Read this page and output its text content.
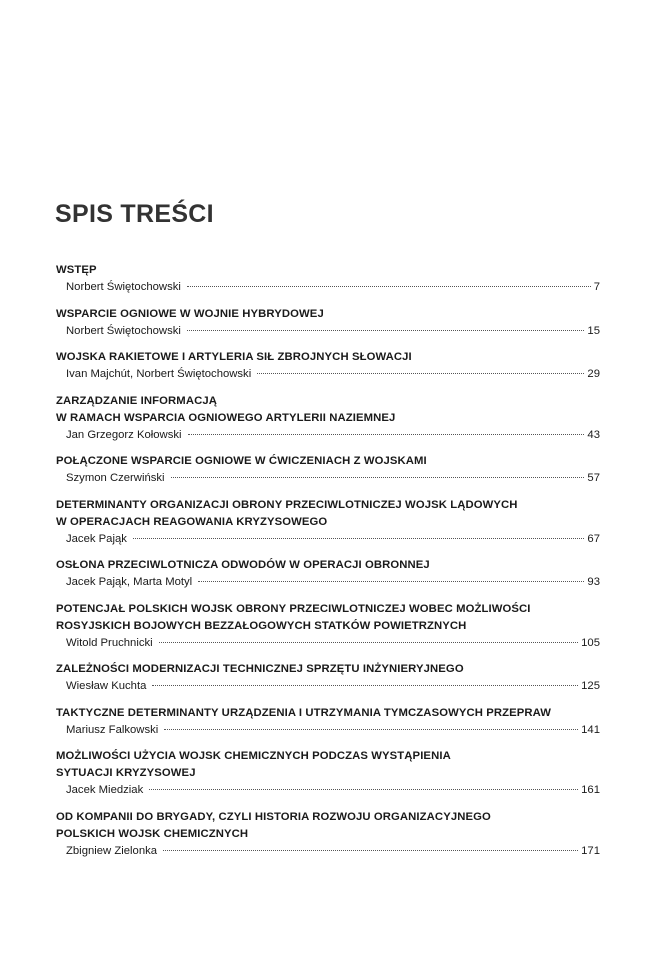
SPIS TREŚCI
WSTĘP
Norbert Świętochowski	7
WSPARCIE OGNIOWE W WOJNIE HYBRYDOWEJ
Norbert Świętochowski	15
WOJSKA RAKIETOWE I ARTYLERIA SIŁ ZBROJNYCH SŁOWACJI
Ivan Majchút, Norbert Świętochowski	29
ZARZĄDZANIE INFORMACJĄ
W RAMACH WSPARCIA OGNIOWEGO ARTYLERII NAZIEMNEJ
Jan Grzegorz Kołowski	43
POŁĄCZONE WSPARCIE OGNIOWE W ĆWICZENIACH Z WOJSKAMI
Szymon Czerwiński	57
DETERMINANTY ORGANIZACJI OBRONY PRZECIWLOTNICZEJ WOJSK LĄDOWYCH
W OPERACJACH REAGOWANIA KRYZYSOWEGO
Jacek Pająk	67
OSŁONA PRZECIWLOTNICZA ODWODÓW W OPERACJI OBRONNEJ
Jacek Pająk, Marta Motyl	93
POTENCJAŁ POLSKICH WOJSK OBRONY PRZECIWLOTNICZEJ WOBEC MOŻLIWOŚCI
ROSYJSKICH BOJOWYCH BEZZAŁOGOWYCH STATKÓW POWIETRZNYCH
Witold Pruchnicki	105
ZALEŻNOŚCI MODERNIZACJI TECHNICZNEJ SPRZĘTU INŻYNIERYJNEGO
Wiesław Kuchta	125
TAKTYCZNE DETERMINANTY URZĄDZENIA I UTRZYMANIA TYMCZASOWYCH PRZEPRAW
Mariusz Falkowski	141
MOŻLIWOŚCI UŻYCIA WOJSK CHEMICZNYCH PODCZAS WYSTĄPIENIA
SYTUACJI KRYZYSOWEJ
Jacek Miedziak	161
OD KOMPANII DO BRYGADY, CZYLI HISTORIA ROZWOJU ORGANIZACYJNEGO
POLSKICH WOJSK CHEMICZNYCH
Zbigniew Zielonka	171
